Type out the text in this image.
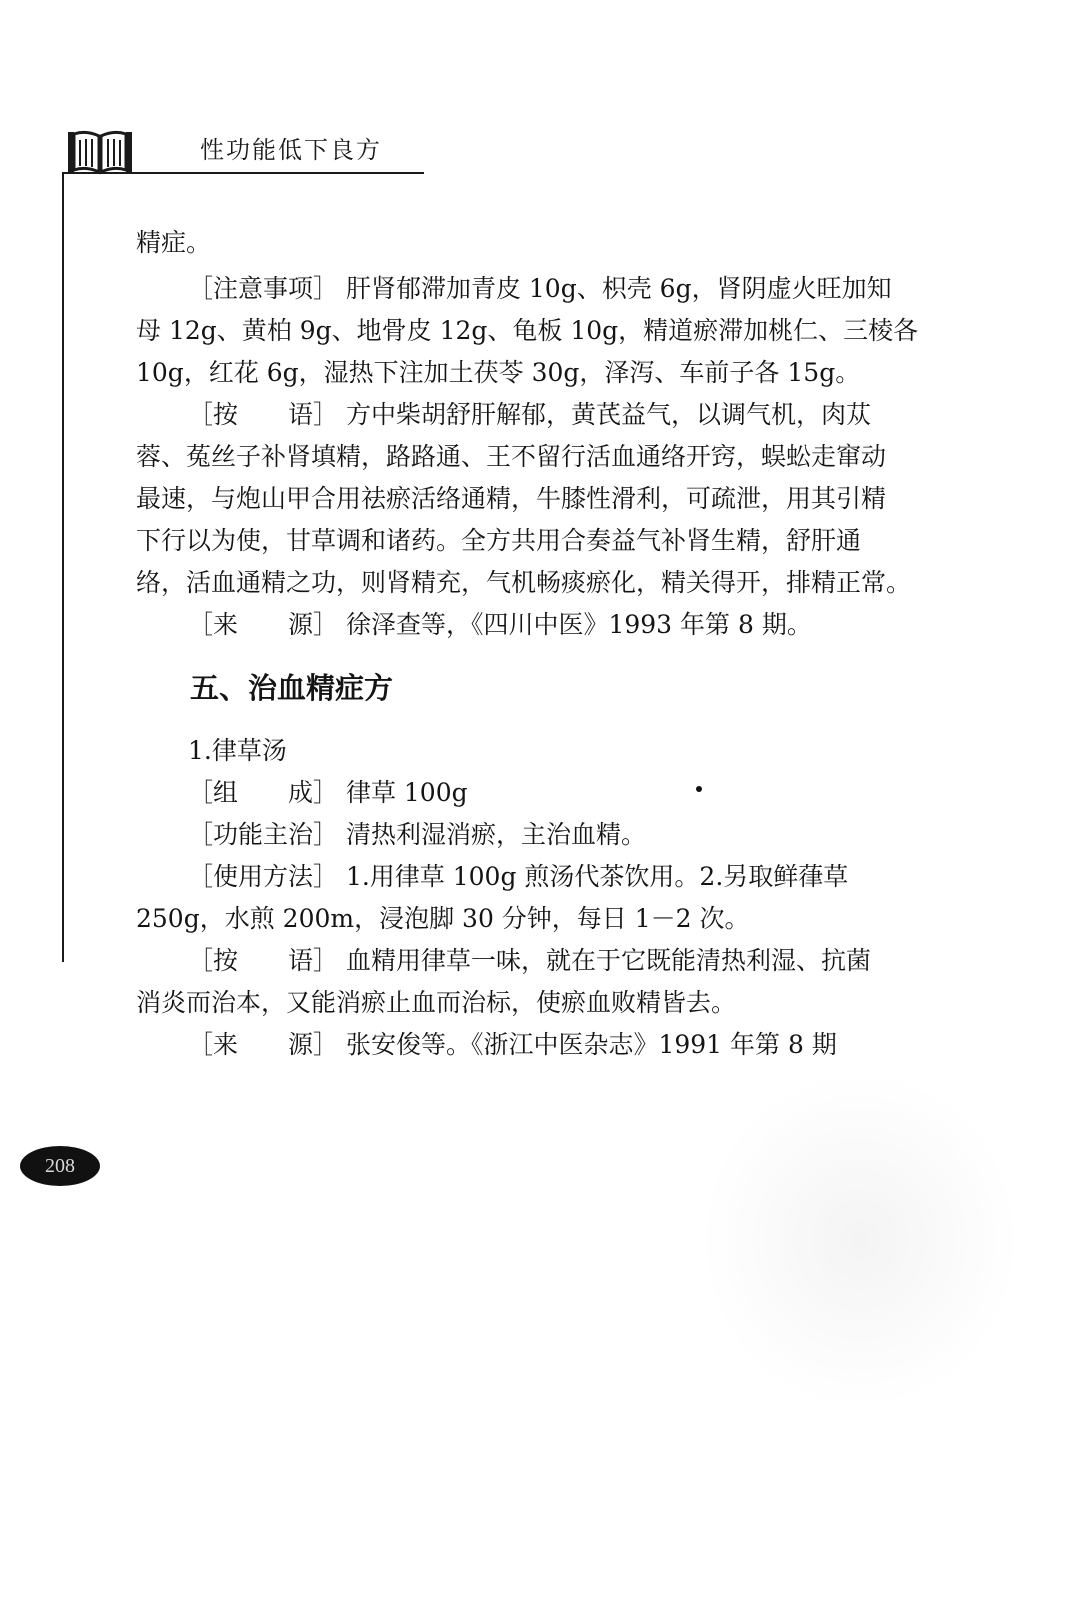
性功能低下良方
精症。
［注意事项］ 肝肾郁滞加青皮 10g、枳壳 6g，肾阴虚火旺加知
母 12g、黄柏 9g、地骨皮 12g、龟板 10g，精道瘀滞加桃仁、三棱各
10g，红花 6g，湿热下注加土茯苓 30g，泽泻、车前子各 15g。
［按　　语］ 方中柴胡舒肝解郁，黄芪益气，以调气机，肉苁
蓉、菟丝子补肾填精，路路通、王不留行活血通络开窍，蜈蚣走窜动
最速，与炮山甲合用祛瘀活络通精，牛膝性滑利，可疏泄，用其引精
下行以为使，甘草调和诸药。全方共用合奏益气补肾生精，舒肝通
络，活血通精之功，则肾精充，气机畅痰瘀化，精关得开，排精正常。
［来　　源］ 徐泽查等，《四川中医》1993 年第 8 期。
五、治血精症方
1.律草汤
［组　　成］ 律草 100g
［功能主治］ 清热利湿消瘀，主治血精。
［使用方法］ 1.用律草 100g 煎汤代茶饮用。2.另取鲜葎草
250g，水煎 200m，浸泡脚 30 分钟，每日 1－2 次。
［按　　语］ 血精用律草一味，就在于它既能清热利湿、抗菌
消炎而治本，又能消瘀止血而治标，使瘀血败精皆去。
［来　　源］ 张安俊等。《浙江中医杂志》1991 年第 8 期
208
